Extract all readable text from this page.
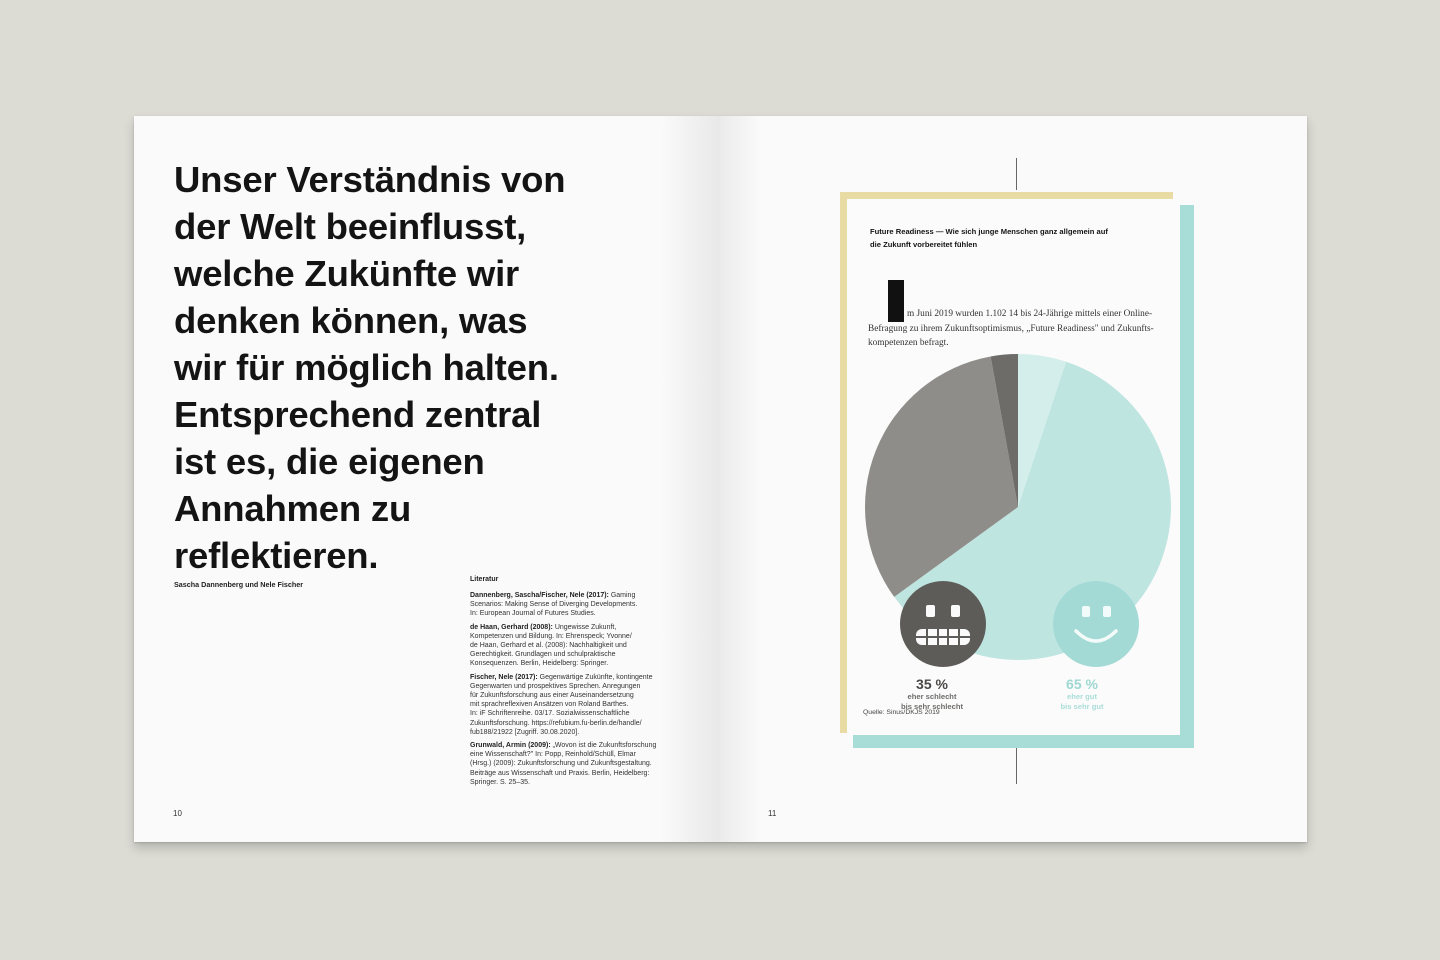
Unser Verständnis von
der Welt beeinflusst,
welche Zukünfte wir
denken können, was
wir für möglich halten.
Entsprechend zentral
ist es, die eigenen
Annahmen zu
reflektieren.
Sascha Dannenberg und Nele Fischer
Literatur
Dannenberg, Sascha/Fischer, Nele (2017): Gaming
Scenarios: Making Sense of Diverging Developments.
In: European Journal of Futures Studies.
de Haan, Gerhard (2008): Ungewisse Zukunft,
Kompetenzen und Bildung. In: Ehrenspeck; Yvonne/
de Haan, Gerhard et al. (2008): Nachhaltigkeit und
Gerechtigkeit. Grundlagen und schulpraktische
Konsequenzen. Berlin, Heidelberg: Springer.
Fischer, Nele (2017): Gegenwärtige Zukünfte, kontingente
Gegenwarten und prospektives Sprechen. Anregungen
für Zukunftsforschung aus einer Auseinandersetzung
mit sprachreflexiven Ansätzen von Roland Barthes.
In: iF Schriftenreihe. 03/17. Sozialwissenschaftliche
Zukunftsforschung. https://refubium.fu-berlin.de/handle/
fub188/21922 [Zugriff. 30.08.2020].
Grunwald, Armin (2009): „Wovon ist die Zukunftsforschung
eine Wissenschaft?" In: Popp, Reinhold/Schüll, Elmar
(Hrsg.) (2009): Zukunftsforschung und Zukunftsgestaltung.
Beiträge aus Wissenschaft und Praxis. Berlin, Heidelberg:
Springer. S. 25–35.
10
Future Readiness — Wie sich junge Menschen ganz allgemein auf die Zukunft vorbereitet fühlen
m Juni 2019 wurden 1.102 14 bis 24-Jährige mittels einer Online-
Befragung zu ihrem Zukunftsoptimismus, „Future Readiness" und Zukunfts-
kompetenzen befragt.
35 %
eher schlecht
bis sehr schlecht
65 %
eher gut
bis sehr gut
Quelle: Sinus/DKJS 2019
11
